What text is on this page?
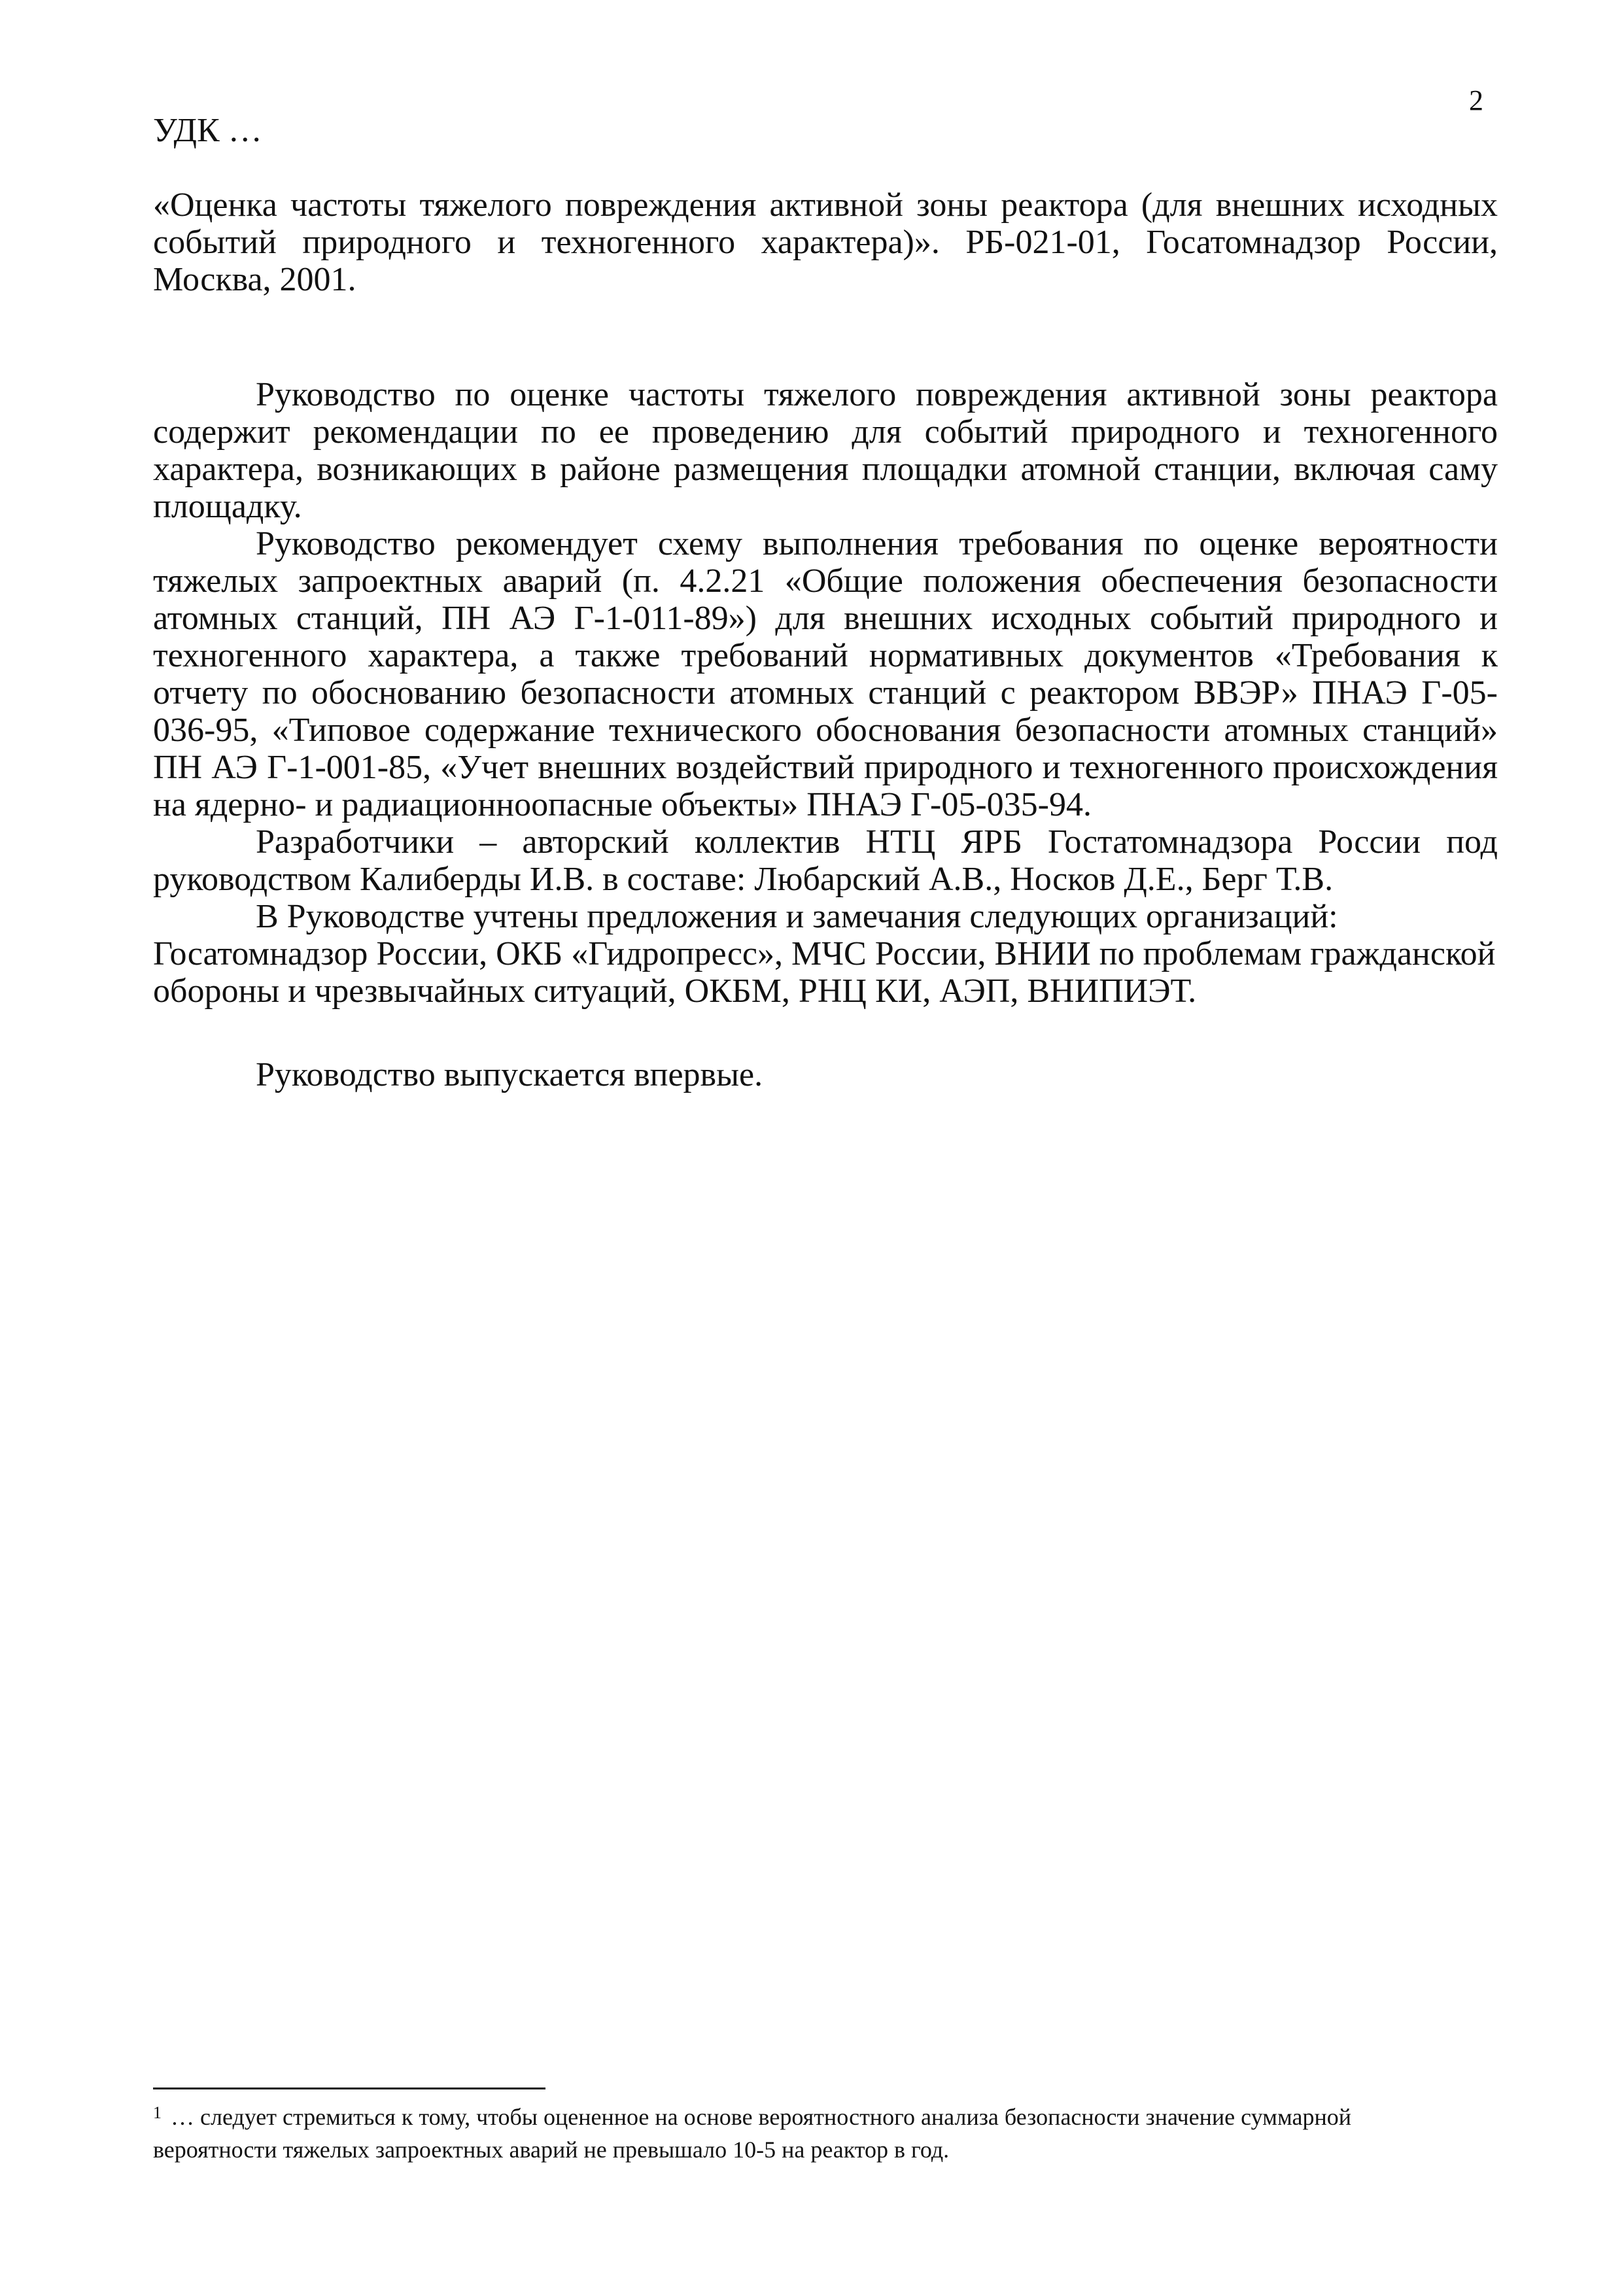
2
УДК …
«Оценка частоты тяжелого повреждения активной зоны реактора (для внешних исходных событий природного и техногенного характера)». РБ-021-01, Госатомнадзор России, Москва, 2001.

Руководство по оценке частоты тяжелого повреждения активной зоны реактора содержит рекомендации по ее проведению для событий природного и техногенного характера, возникающих в районе размещения площадки атомной станции, включая саму площадку.

Руководство рекомендует схему выполнения требования по оценке вероятности тяжелых запроектных аварий (п. 4.2.21 «Общие положения обеспечения безопасности атомных станций, ПН АЭ Г-1-011-89») для внешних исходных событий природного и техногенного характера, а также требований нормативных документов «Требования к отчету по обоснованию безопасности атомных станций с реактором ВВЭР» ПНАЭ Г-05-036-95, «Типовое содержание технического обоснования безопасности атомных станций» ПН АЭ Г-1-001-85, «Учет внешних воздействий природного и техногенного происхождения на ядерно- и радиационноопасные объекты» ПНАЭ Г-05-035-94.

Разработчики – авторский коллектив НТЦ ЯРБ Гостатомнадзора России под руководством Калиберды И.В. в составе: Любарский А.В., Носков Д.Е., Берг Т.В.

В Руководстве учтены предложения и замечания следующих организаций:

Госатомнадзор России, ОКБ «Гидропресс», МЧС России, ВНИИ по проблемам гражданской обороны и чрезвычайных ситуаций, ОКБМ, РНЦ КИ, АЭП, ВНИПИЭТ.

Руководство выпускается впервые.
$^1$ … следует стремиться к тому, чтобы оцененное на основе вероятностного анализа безопасности значение суммарной вероятности тяжелых запроектных аварий не превышало 10-5 на реактор в год.
